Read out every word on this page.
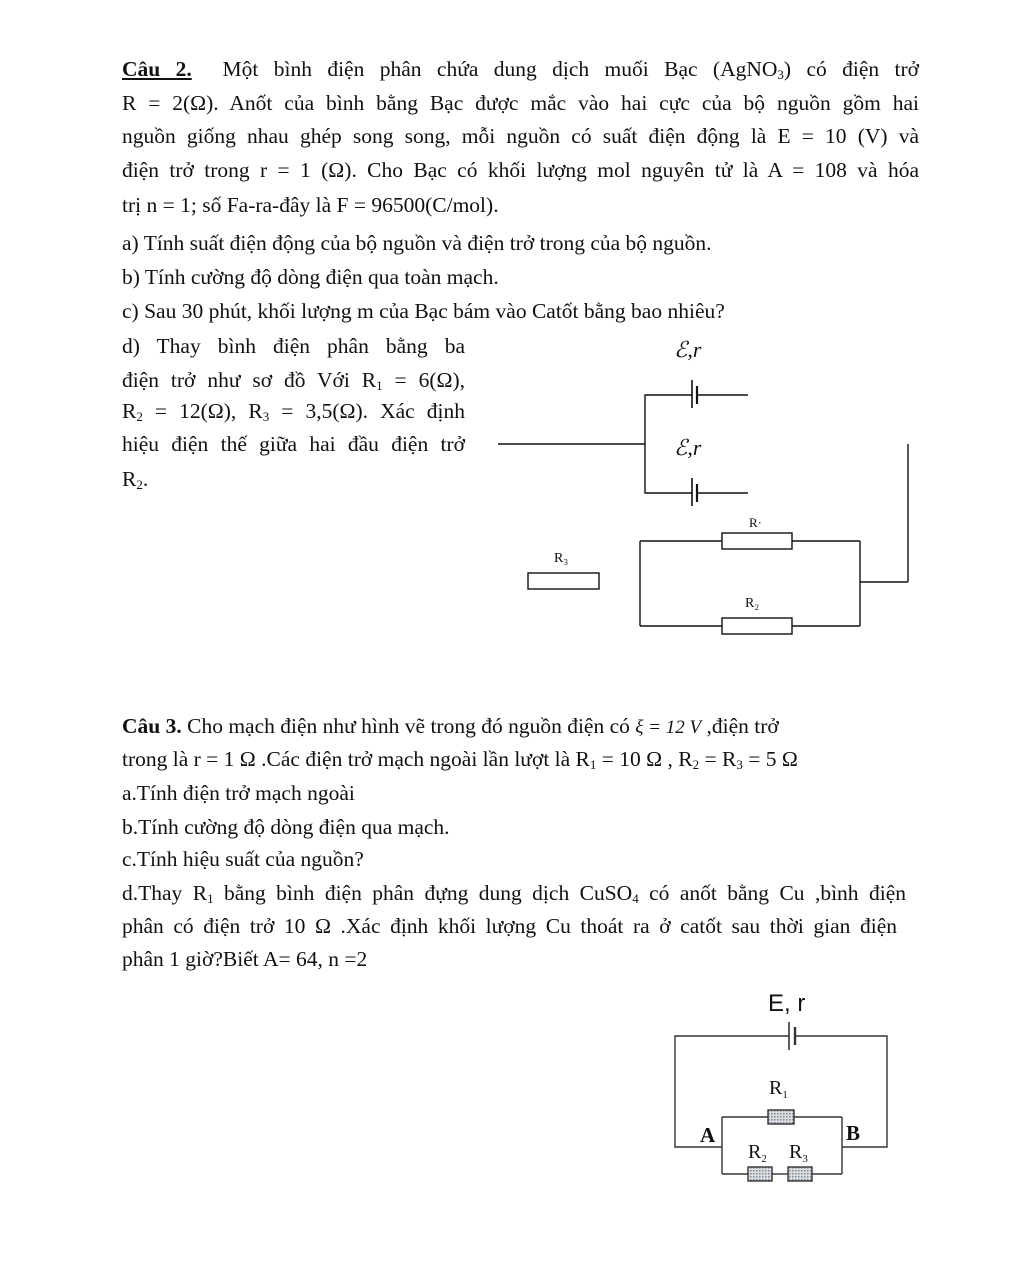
Câu 2. Một bình điện phân chứa dung dịch muối Bạc (AgNO$_3$) có điện trở
R = 2(Ω). Anốt của bình bằng Bạc được mắc vào hai cực của bộ nguồn gồm hai
nguồn giống nhau ghép song song, mỗi nguồn có suất điện động là E = 10 (V) và
điện trở trong r = 1 (Ω). Cho Bạc có khối lượng mol nguyên tử là A = 108 và hóa
trị n = 1; số Fa-ra-đây là F = 96500(C/mol).
a) Tính suất điện động của bộ nguồn và điện trở trong của bộ nguồn.
b) Tính cường độ dòng điện qua toàn mạch.
c) Sau 30 phút, khối lượng m của Bạc bám vào Catốt bằng bao nhiêu?
d) Thay bình điện phân bằng ba
điện trở như sơ đồ Với $R_1 = 6(\Omega)$,
$R_2 = 12(\Omega)$, $R_3 = 3,5(\Omega)$. Xác định
hiệu điện thế giữa hai đầu điện trở
$R_2$.
ℰ,r
ℰ,r
R·
R₂
R₃
Câu 3. Cho mạch điện như hình vẽ trong đó nguồn điện có ξ = 12 V ,điện trở
trong là r = 1 Ω .Các điện trở mạch ngoài lần lượt là $R_1 = 10$ Ω , $R_2 = R_3 = 5$ Ω
a.Tính điện trở mạch ngoài
b.Tính cường độ dòng điện qua mạch.
c.Tính hiệu suất của nguồn?
d.Thay $R_1$ bằng bình điện phân đựng dung dịch CuSO$_4$ có anốt bằng Cu ,bình điện
phân có điện trở 10 Ω .Xác định khối lượng Cu thoát ra ở catốt sau thời gian điện
phân 1 giờ?Biết A= 64, n =2
E, r
$R_1$
$R_2$ $R_3$
A	B
